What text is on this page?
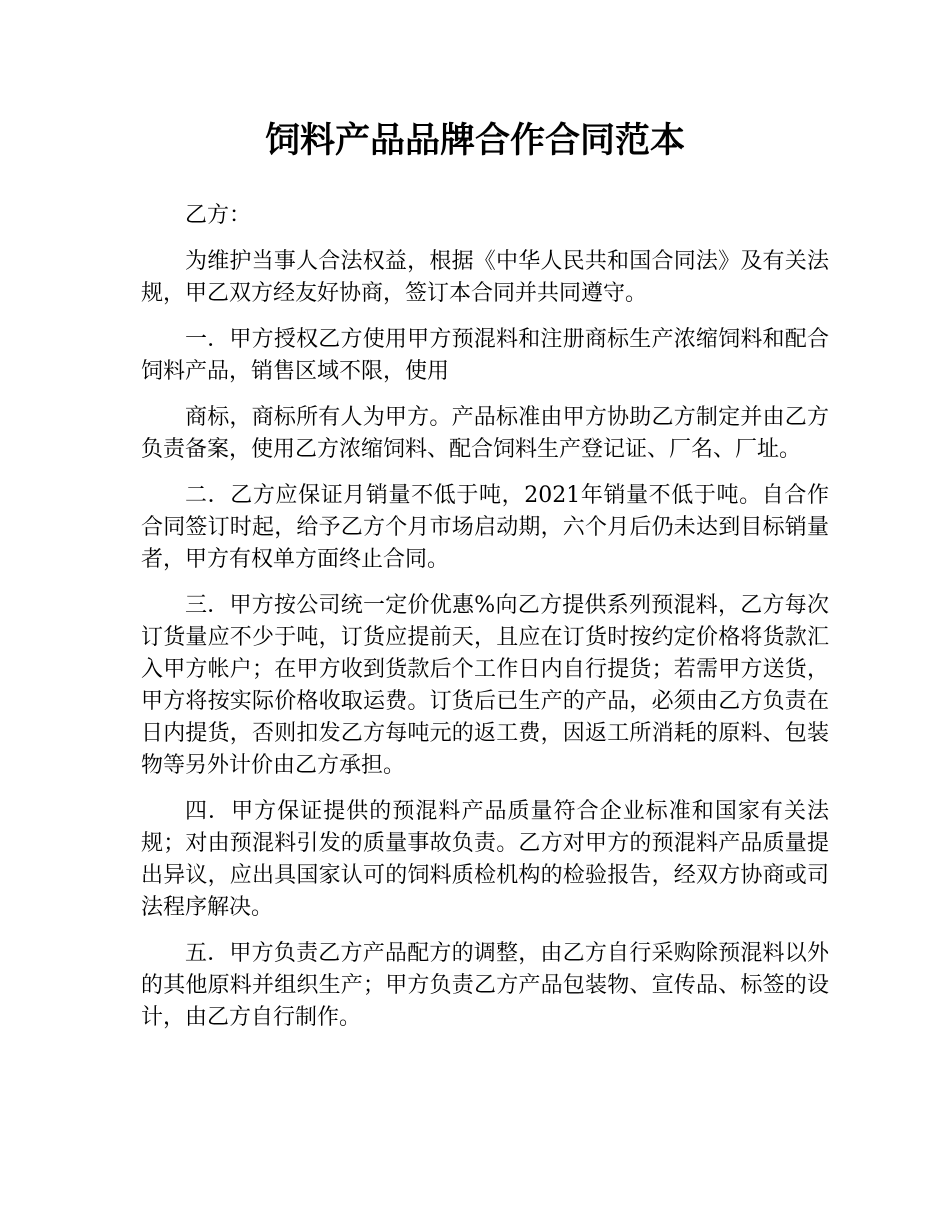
饲料产品品牌合作合同范本

乙方：

为维护当事人合法权益，根据《中华人民共和国合同法》及有关法规，甲乙双方经友好协商，签订本合同并共同遵守。

一．甲方授权乙方使用甲方预混料和注册商标生产浓缩饲料和配合饲料产品，销售区域不限，使用

商标，商标所有人为甲方。产品标准由甲方协助乙方制定并由乙方负责备案，使用乙方浓缩饲料、配合饲料生产登记证、厂名、厂址。

二．乙方应保证月销量不低于吨，2021年销量不低于吨。自合作合同签订时起，给予乙方个月市场启动期，六个月后仍未达到目标销量者，甲方有权单方面终止合同。

三．甲方按公司统一定价优惠%向乙方提供系列预混料，乙方每次订货量应不少于吨，订货应提前天，且应在订货时按约定价格将货款汇入甲方帐户；在甲方收到货款后个工作日内自行提货；若需甲方送货，甲方将按实际价格收取运费。订货后已生产的产品，必须由乙方负责在日内提货，否则扣发乙方每吨元的返工费，因返工所消耗的原料、包装物等另外计价由乙方承担。

四．甲方保证提供的预混料产品质量符合企业标准和国家有关法规；对由预混料引发的质量事故负责。乙方对甲方的预混料产品质量提出异议，应出具国家认可的饲料质检机构的检验报告，经双方协商或司法程序解决。

五．甲方负责乙方产品配方的调整，由乙方自行采购除预混料以外的其他原料并组织生产；甲方负责乙方产品包装物、宣传品、标签的设计，由乙方自行制作。
